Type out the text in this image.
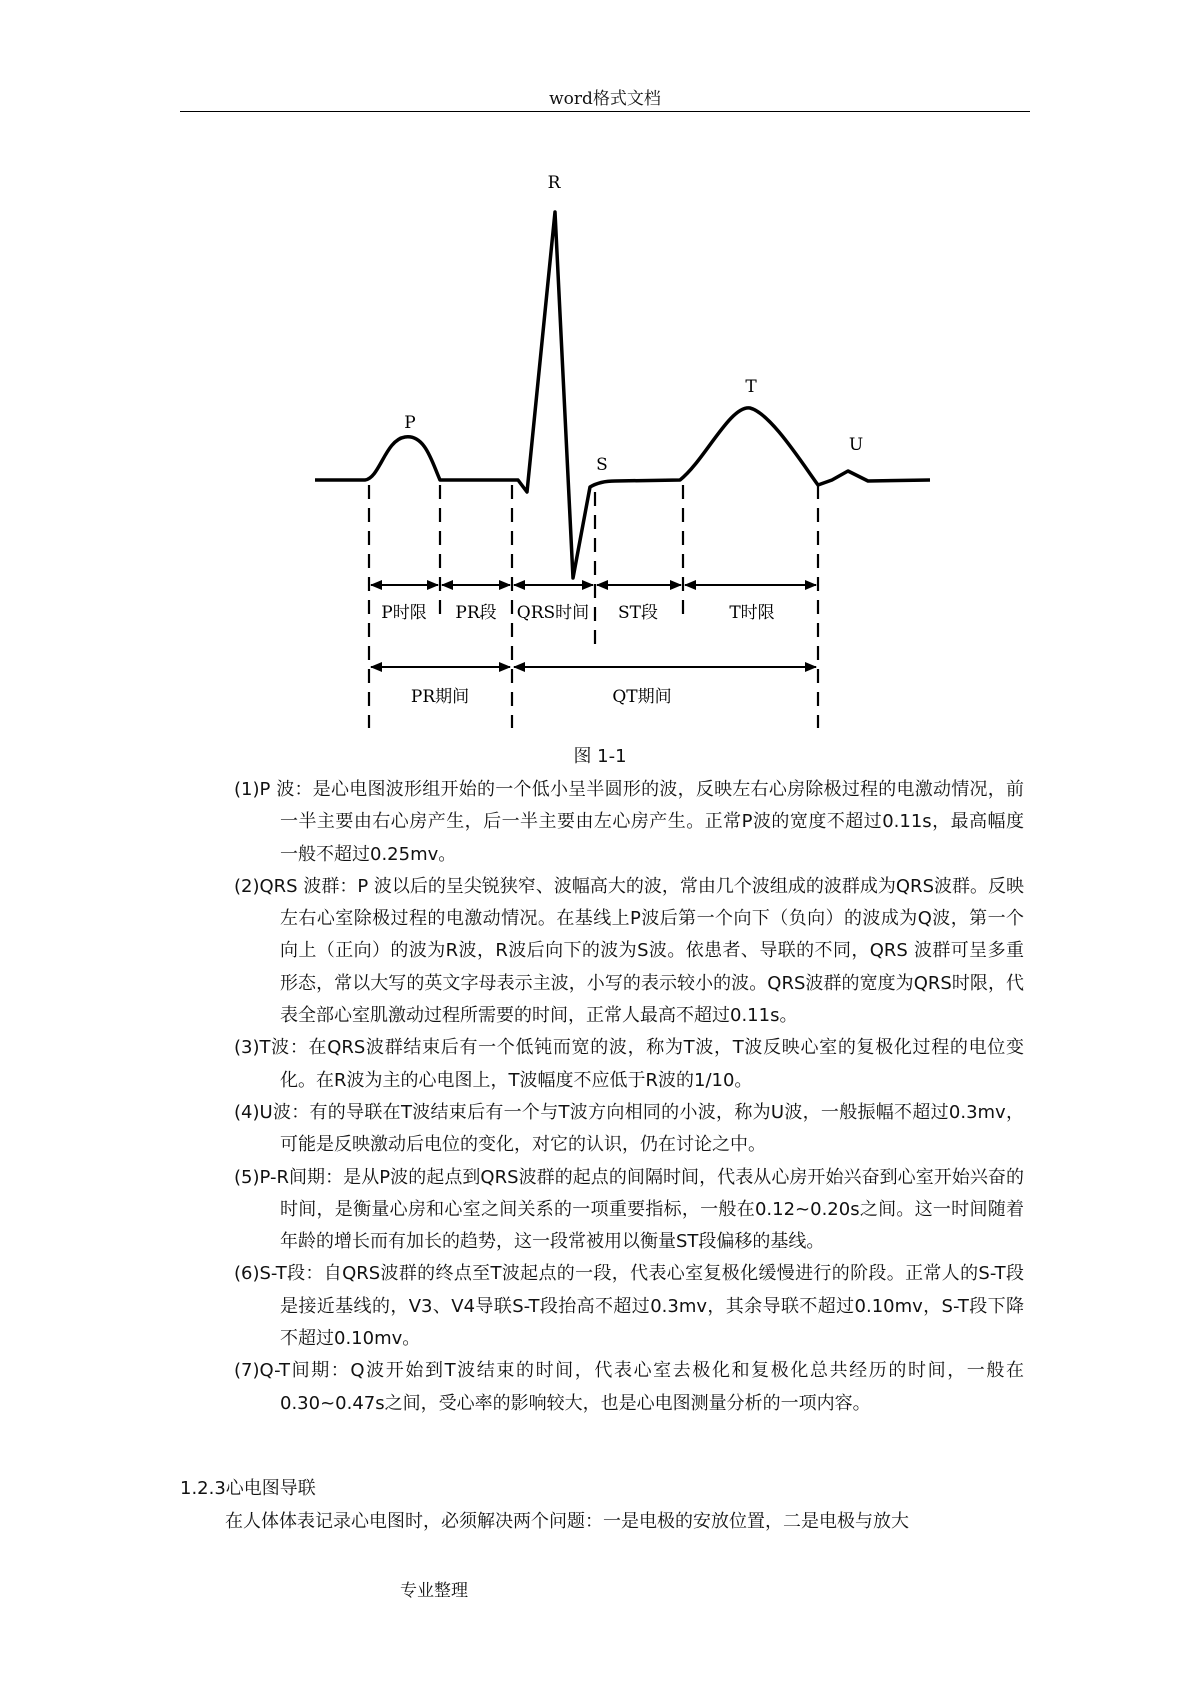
word格式文档
R
P
S
T
U
P时限 PR段 QRS时间 ST段	T时限
PR期间	QT期间
图 1-1
(1)P 波：是心电图波形组开始的一个低小呈半圆形的波，反映左右心房除极过程的电激动情况，前一半主要由右心房产生，后一半主要由左心房产生。正常P波的宽度不超过0.11s，最高幅度一般不超过0.25mv。
(2)QRS 波群：P 波以后的呈尖锐狭窄、波幅高大的波，常由几个波组成的波群成为QRS波群。反映左右心室除极过程的电激动情况。在基线上P波后第一个向下（负向）的波成为Q波，第一个向上（正向）的波为R波，R波后向下的波为S波。依患者、导联的不同，QRS 波群可呈多重形态，常以大写的英文字母表示主波，小写的表示较小的波。QRS波群的宽度为QRS时限，代表全部心室肌激动过程所需要的时间，正常人最高不超过0.11s。
(3)T波：在QRS波群结束后有一个低钝而宽的波，称为T波，T波反映心室的复极化过程的电位变化。在R波为主的心电图上，T波幅度不应低于R波的1/10。
(4)U波：有的导联在T波结束后有一个与T波方向相同的小波，称为U波，一般振幅不超过0.3mv，可能是反映激动后电位的变化，对它的认识，仍在讨论之中。
(5)P-R间期：是从P波的起点到QRS波群的起点的间隔时间，代表从心房开始兴奋到心室开始兴奋的时间，是衡量心房和心室之间关系的一项重要指标，一般在0.12~0.20s之间。这一时间随着年龄的增长而有加长的趋势，这一段常被用以衡量ST段偏移的基线。
(6)S-T段：自QRS波群的终点至T波起点的一段，代表心室复极化缓慢进行的阶段。正常人的S-T段是接近基线的，V3、V4导联S-T段抬高不超过0.3mv，其余导联不超过0.10mv，S-T段下降不超过0.10mv。
(7)Q-T间期：Q波开始到T波结束的时间，代表心室去极化和复极化总共经历的时间，一般在0.30~0.47s之间，受心率的影响较大，也是心电图测量分析的一项内容。
1.2.3心电图导联
在人体体表记录心电图时，必须解决两个问题：一是电极的安放位置，二是电极与放大
专业整理
